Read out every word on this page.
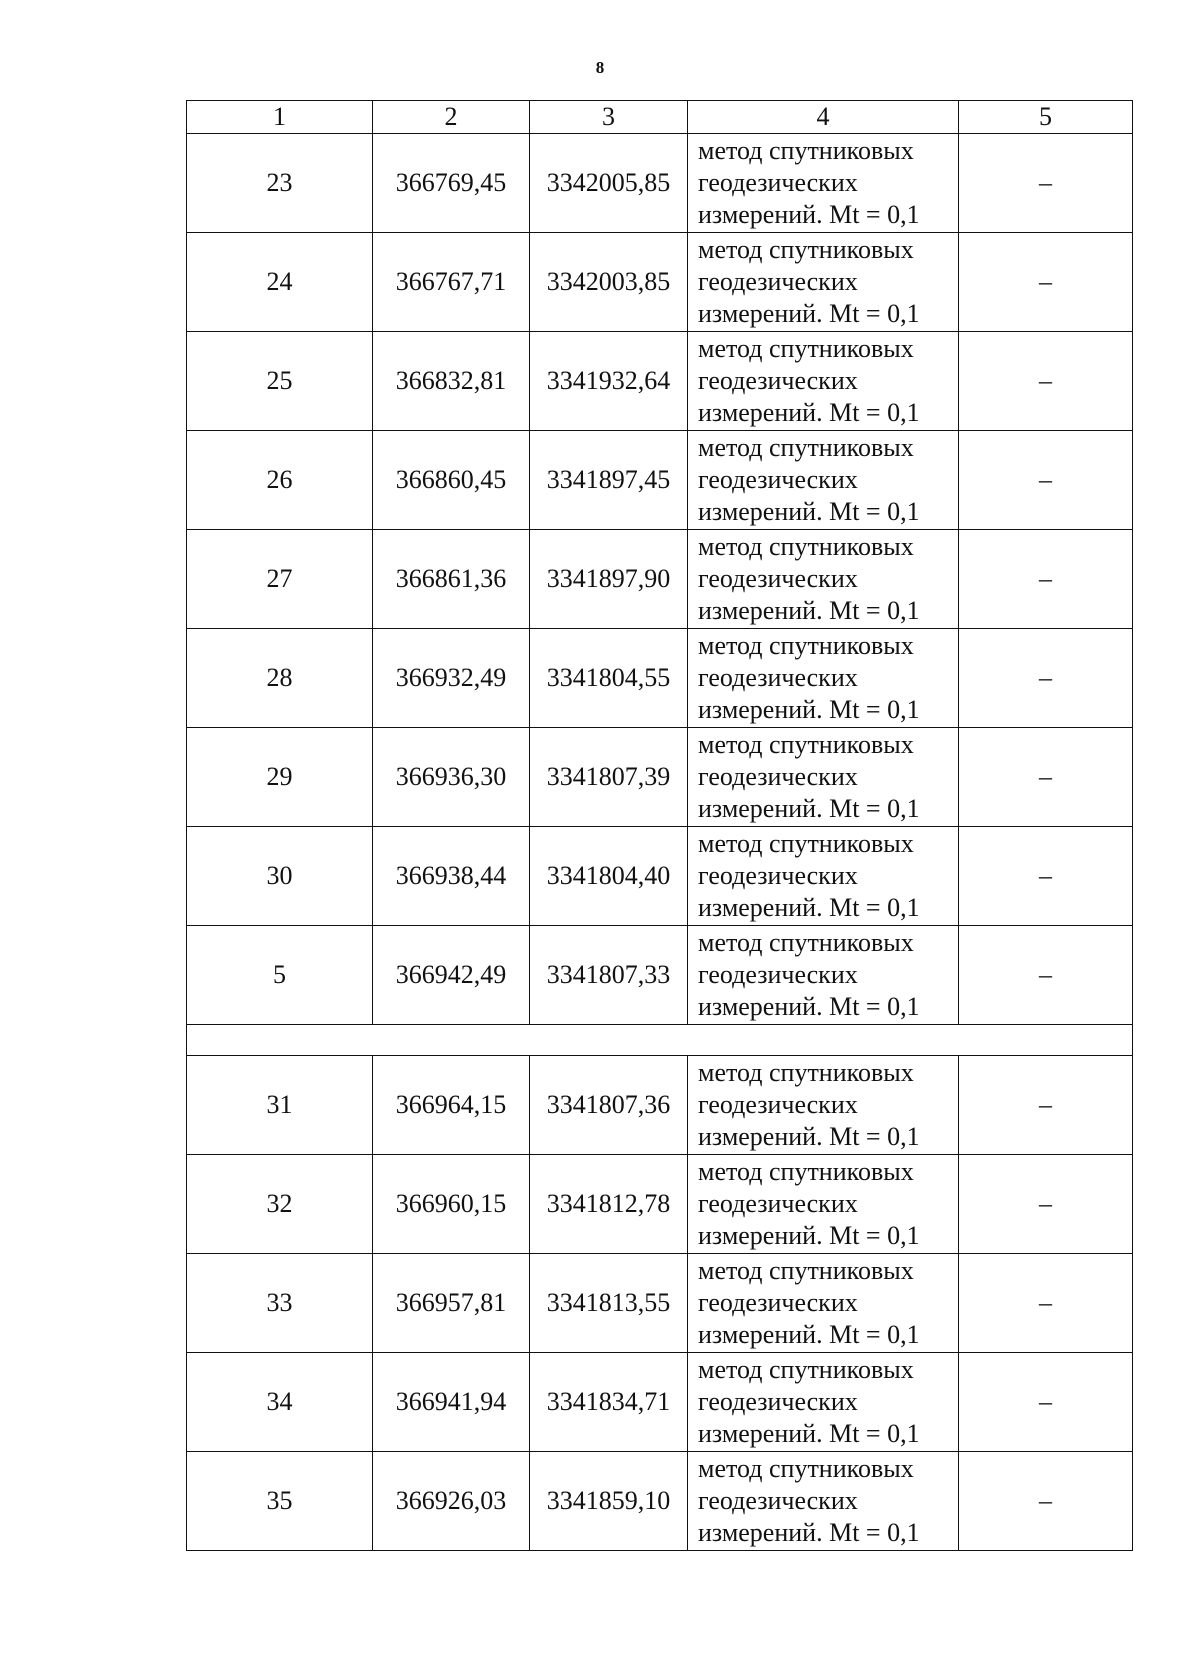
8
1	2	3	4	5
23	366769,45	3342005,85	метод спутниковых
геодезических
измерений. Mt = 0,1	–
24	366767,71	3342003,85	метод спутниковых
геодезических
измерений. Mt = 0,1	–
25	366832,81	3341932,64	метод спутниковых
геодезических
измерений. Mt = 0,1	–
26	366860,45	3341897,45	метод спутниковых
геодезических
измерений. Mt = 0,1	–
27	366861,36	3341897,90	метод спутниковых
геодезических
измерений. Mt = 0,1	–
28	366932,49	3341804,55	метод спутниковых
геодезических
измерений. Mt = 0,1	–
29	366936,30	3341807,39	метод спутниковых
геодезических
измерений. Mt = 0,1	–
30	366938,44	3341804,40	метод спутниковых
геодезических
измерений. Mt = 0,1	–
5	366942,49	3341807,33	метод спутниковых
геодезических
измерений. Mt = 0,1	–

31	366964,15	3341807,36	метод спутниковых
геодезических
измерений. Mt = 0,1	–
32	366960,15	3341812,78	метод спутниковых
геодезических
измерений. Mt = 0,1	–
33	366957,81	3341813,55	метод спутниковых
геодезических
измерений. Mt = 0,1	–
34	366941,94	3341834,71	метод спутниковых
геодезических
измерений. Mt = 0,1	–
35	366926,03	3341859,10	метод спутниковых
геодезических
измерений. Mt = 0,1	–
